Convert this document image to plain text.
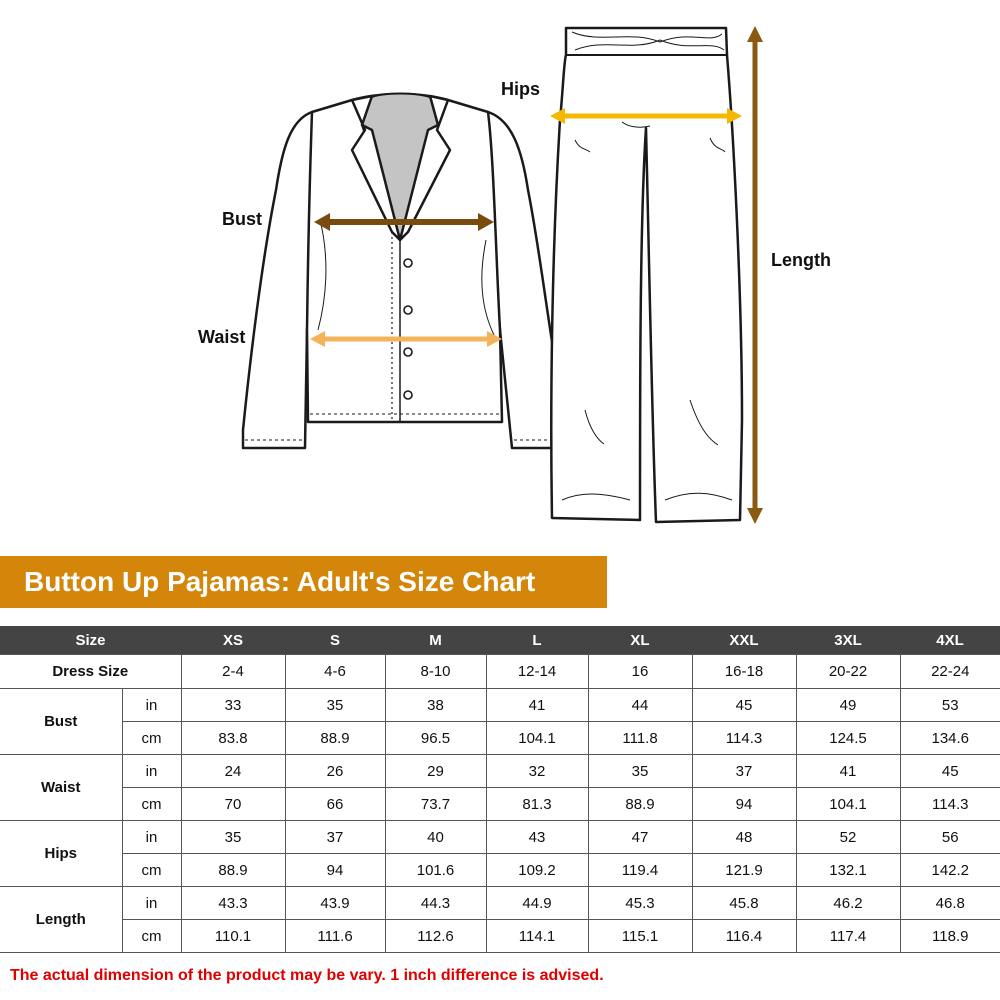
Hips
Bust
Waist
Length
Button Up Pajamas: Adult's Size Chart
Size		XS	S	M	L	XL	XXL	3XL	4XL
Dress Size		2-4	4-6	8-10	12-14	16	16-18	20-22	22-24
Bust	in	33	35	38	41	44	45	49	53
	cm	83.8	88.9	96.5	104.1	111.8	114.3	124.5	134.6
Waist	in	24	26	29	32	35	37	41	45
	cm	70	66	73.7	81.3	88.9	94	104.1	114.3
Hips	in	35	37	40	43	47	48	52	56
	cm	88.9	94	101.6	109.2	119.4	121.9	132.1	142.2
Length	in	43.3	43.9	44.3	44.9	45.3	45.8	46.2	46.8
	cm	110.1	111.6	112.6	114.1	115.1	116.4	117.4	118.9
The actual dimension of the product may be vary. 1 inch difference is advised.
